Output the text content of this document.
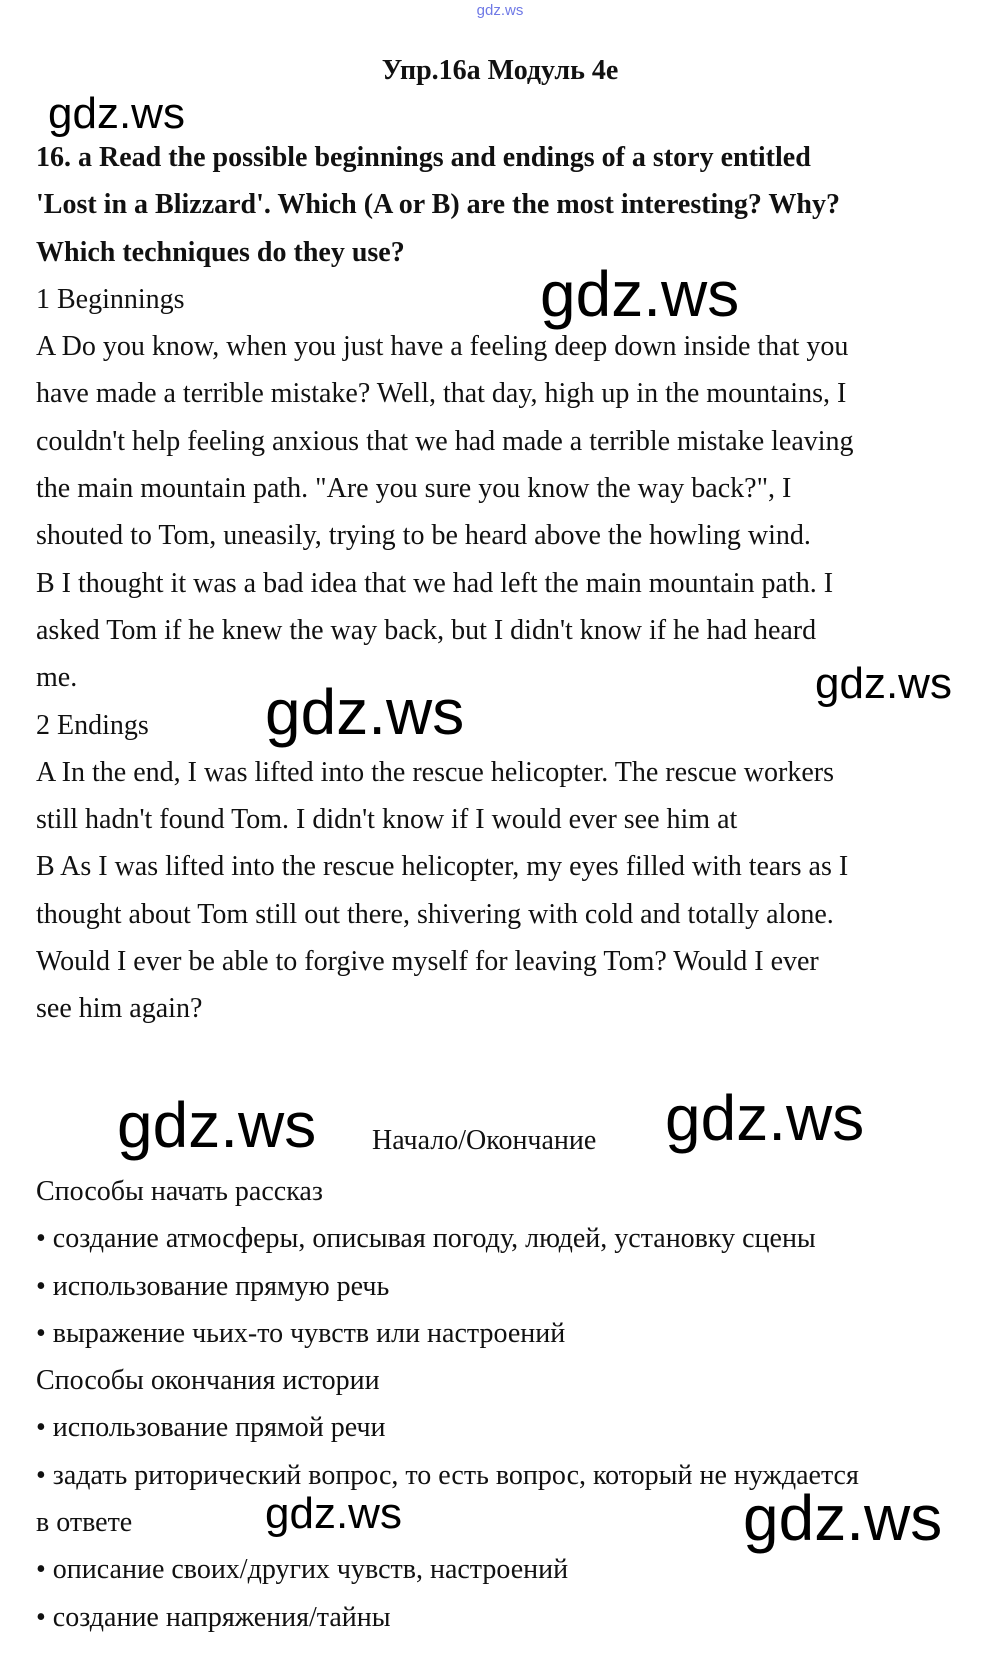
gdz.ws
Упр.16а Модуль 4e

16. a Read the possible beginnings and endings of a story entitled

'Lost in a Blizzard'. Which (A or B) are the most interesting? Why?

Which techniques do they use?

1 Beginnings

A Do you know, when you just have a feeling deep down inside that you

have made a terrible mistake? Well, that day, high up in the mountains, I

couldn't help feeling anxious that we had made a terrible mistake leaving

the main mountain path. "Are you sure you know the way back?", I

shouted to Tom, uneasily, trying to be heard above the howling wind.

B I thought it was a bad idea that we had left the main mountain path. I

asked Tom if he knew the way back, but I didn't know if he had heard

me.

2 Endings

A In the end, I was lifted into the rescue helicopter. The rescue workers

still hadn't found Tom. I didn't know if I would ever see him at

B As I was lifted into the rescue helicopter, my eyes filled with tears as I

thought about Tom still out there, shivering with cold and totally alone.

Would I ever be able to forgive myself for leaving Tom? Would I ever

see him again?

Начало/Окончание

Способы начать рассказ

• создание атмосферы, описывая погоду, людей, установку сцены

• использование прямую речь

• выражение чьих-то чувств или настроений

Способы окончания истории

• использование прямой речи

• задать риторический вопрос, то есть вопрос, который не нуждается

в ответе

• описание своих/других чувств, настроений

• создание напряжения/тайны

gdz.ws
gdz.ws
gdz.ws
gdz.ws
gdz.ws	gdz.ws
gdz.ws	gdz.ws
